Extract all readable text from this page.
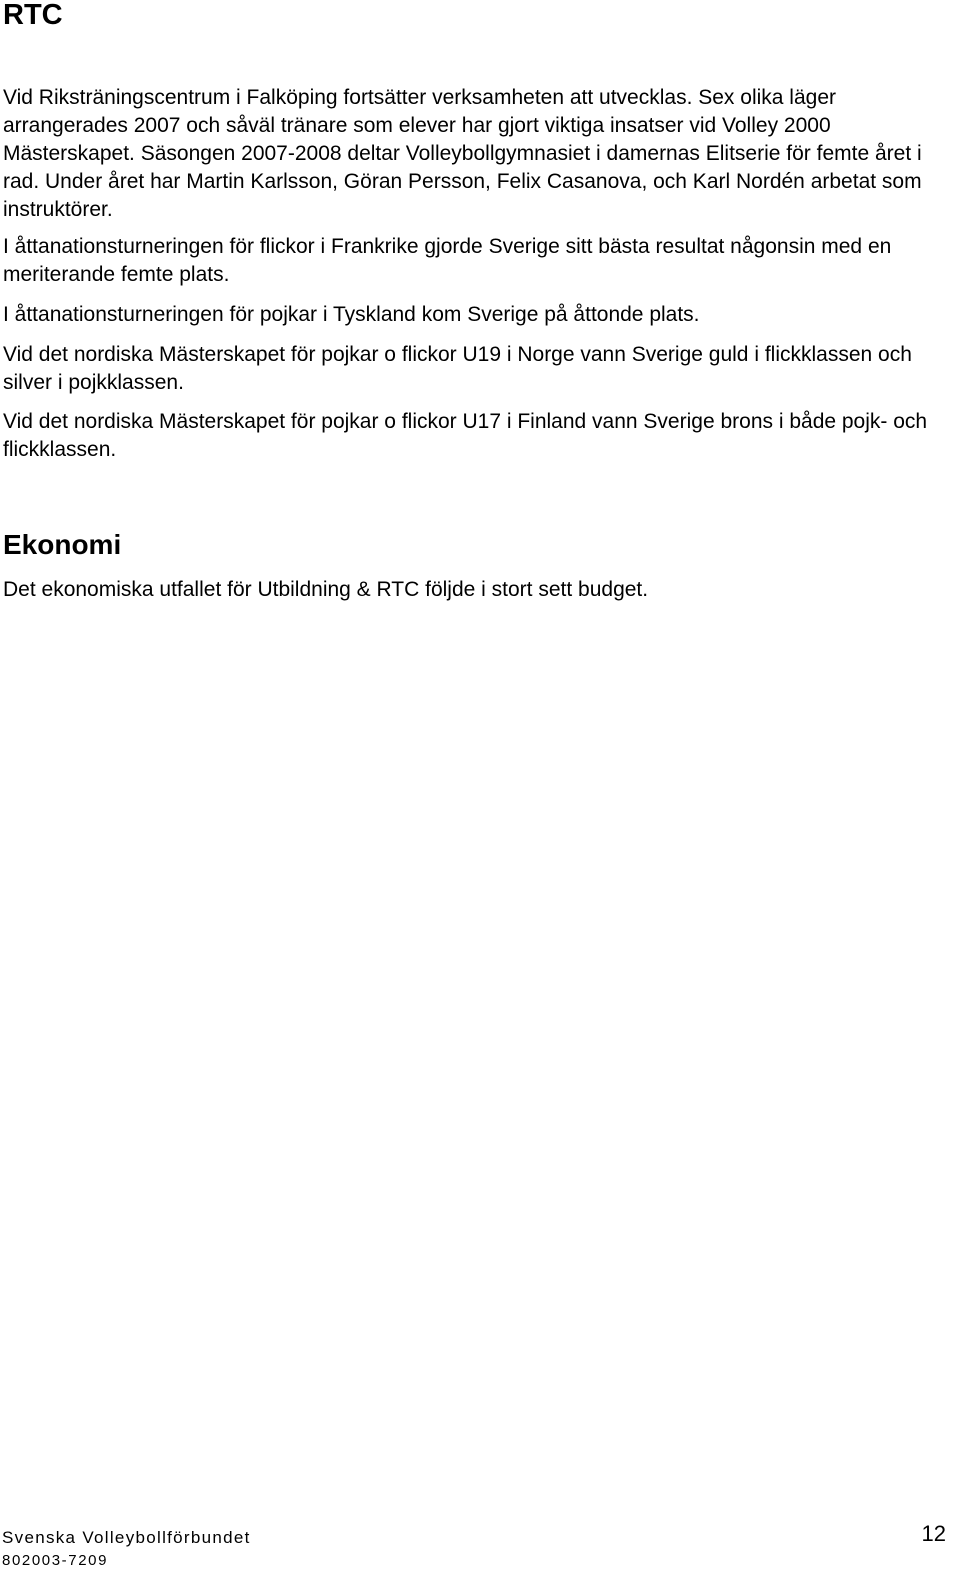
RTC

Vid Riksträningscentrum i Falköping fortsätter verksamheten att utvecklas. Sex olika läger arrangerades 2007 och såväl tränare som elever har gjort viktiga insatser vid Volley 2000 Mästerskapet. Säsongen 2007-2008 deltar Volleybollgymnasiet i damernas Elitserie för femte året i rad. Under året har Martin Karlsson, Göran Persson, Felix Casanova, och Karl Nordén arbetat som instruktörer.

I åttanationsturneringen för flickor i Frankrike gjorde Sverige sitt bästa resultat någonsin med en meriterande femte plats.

I åttanationsturneringen för pojkar i Tyskland kom Sverige på åttonde plats.

Vid det nordiska Mästerskapet för pojkar o flickor U19 i Norge vann Sverige guld i flickklassen och silver i pojkklassen.

Vid det nordiska Mästerskapet för pojkar o flickor U17 i Finland vann Sverige brons i både pojk- och flickklassen.

Ekonomi

Det ekonomiska utfallet för Utbildning & RTC följde i stort sett budget.

Svenska Volleybollförbundet
802003-7209
12
